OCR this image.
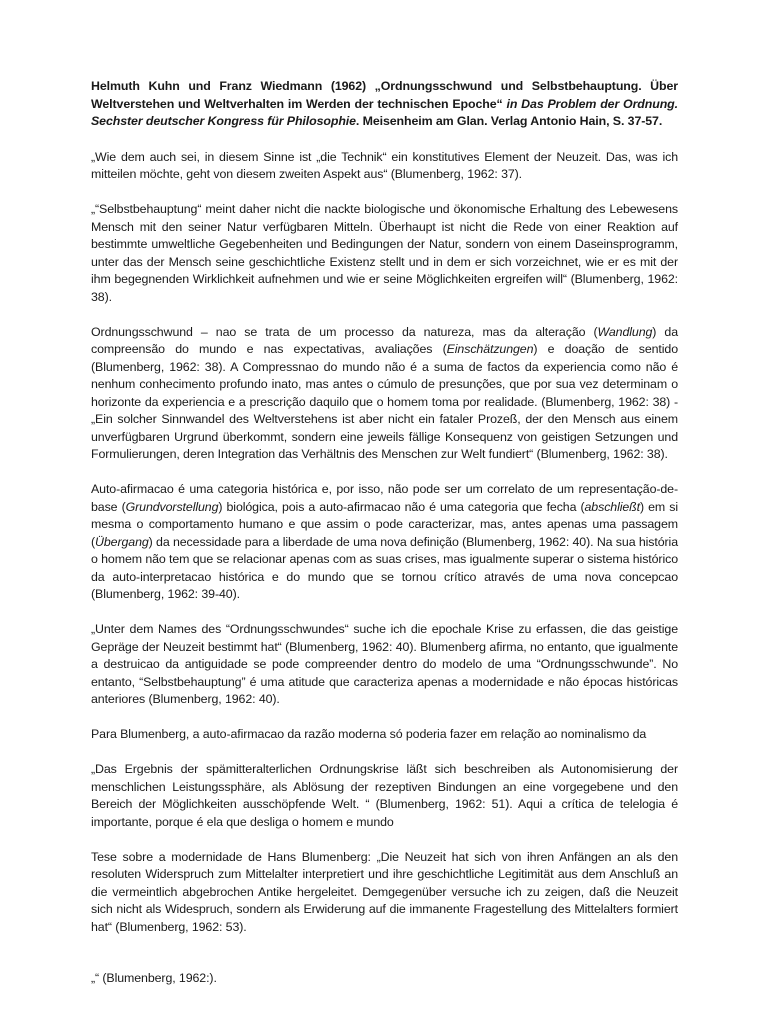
Helmuth Kuhn und Franz Wiedmann (1962) „Ordnungsschwund und Selbstbehauptung. Über Weltverstehen und Weltverhalten im Werden der technischen Epoche“ in Das Problem der Ordnung. Sechster deutscher Kongress für Philosophie. Meisenheim am Glan. Verlag Antonio Hain, S. 37-57.

„Wie dem auch sei, in diesem Sinne ist „die Technik“ ein konstitutives Element der Neuzeit. Das, was ich mitteilen möchte, geht von diesem zweiten Aspekt aus“ (Blumenberg, 1962: 37).

„“Selbstbehauptung“ meint daher nicht die nackte biologische und ökonomische Erhaltung des Lebewesens Mensch mit den seiner Natur verfügbaren Mitteln. Überhaupt ist nicht die Rede von einer Reaktion auf bestimmte umweltliche Gegebenheiten und Bedingungen der Natur, sondern von einem Daseinsprogramm, unter das der Mensch seine geschichtliche Existenz stellt und in dem er sich vorzeichnet, wie er es mit der ihm begegnenden Wirklichkeit aufnehmen und wie er seine Möglichkeiten ergreifen will“ (Blumenberg, 1962: 38).

Ordnungsschwund – nao se trata de um processo da natureza, mas da alteração (Wandlung) da compreensão do mundo e nas expectativas, avaliações (Einschätzungen) e doação de sentido (Blumenberg, 1962: 38). A Compressnao do mundo não é a suma de factos da experiencia como não é nenhum conhecimento profundo inato, mas antes o cúmulo de presunções, que por sua vez determinam o horizonte da experiencia e a prescrição daquilo que o homem toma por realidade. (Blumenberg, 1962: 38) - „Ein solcher Sinnwandel des Weltverstehens ist aber nicht ein fataler Prozeß, der den Mensch aus einem unverfügbaren Urgrund überkommt, sondern eine jeweils fällige Konsequenz von geistigen Setzungen und Formulierungen, deren Integration das Verhältnis des Menschen zur Welt fundiert“ (Blumenberg, 1962: 38).

Auto-afirmacao é uma categoria histórica e, por isso, não pode ser um correlato de um representação-de-base (Grundvorstellung) biológica, pois a auto-afirmacao não é uma categoria que fecha (abschließt) em si mesma o comportamento humano e que assim o pode caracterizar, mas, antes apenas uma passagem (Übergang) da necessidade para a liberdade de uma nova definição (Blumenberg, 1962: 40). Na sua história o homem não tem que se relacionar apenas com as suas crises, mas igualmente superar o sistema histórico da auto-interpretacao histórica e do mundo que se tornou crítico através de uma nova concepcao (Blumenberg, 1962: 39-40).

„Unter dem Names des “Ordnungsschwundes“ suche ich die epochale Krise zu erfassen, die das geistige Gepräge der Neuzeit bestimmt hat“ (Blumenberg, 1962: 40). Blumenberg afirma, no entanto, que igualmente a destruicao da antiguidade se pode compreender dentro do modelo de uma “Ordnungsschwunde”. No entanto, “Selbstbehauptung” é uma atitude que caracteriza apenas a modernidade e não épocas históricas anteriores (Blumenberg, 1962: 40).

Para Blumenberg, a auto-afirmacao da razão moderna só poderia fazer em relação ao nominalismo da

„Das Ergebnis der spämitteralterlichen Ordnungskrise läßt sich beschreiben als Autonomisierung der menschlichen Leistungssphäre, als Ablösung der rezeptiven Bindungen an eine vorgegebene und den Bereich der Möglichkeiten ausschöpfende Welt. “ (Blumenberg, 1962: 51). Aqui a crítica de telelogia é importante, porque é ela que desliga o homem e mundo

Tese sobre a modernidade de Hans Blumenberg: „Die Neuzeit hat sich von ihren Anfängen an als den resoluten Widerspruch zum Mittelalter interpretiert und ihre geschichtliche Legitimität aus dem Anschluß an die vermeintlich abgebrochen Antike hergeleitet. Demgegenüber versuche ich zu zeigen, daß die Neuzeit sich nicht als Widespruch, sondern als Erwiderung auf die immanente Fragestellung des Mittelalters formiert hat“ (Blumenberg, 1962: 53).

„“ (Blumenberg, 1962:).
